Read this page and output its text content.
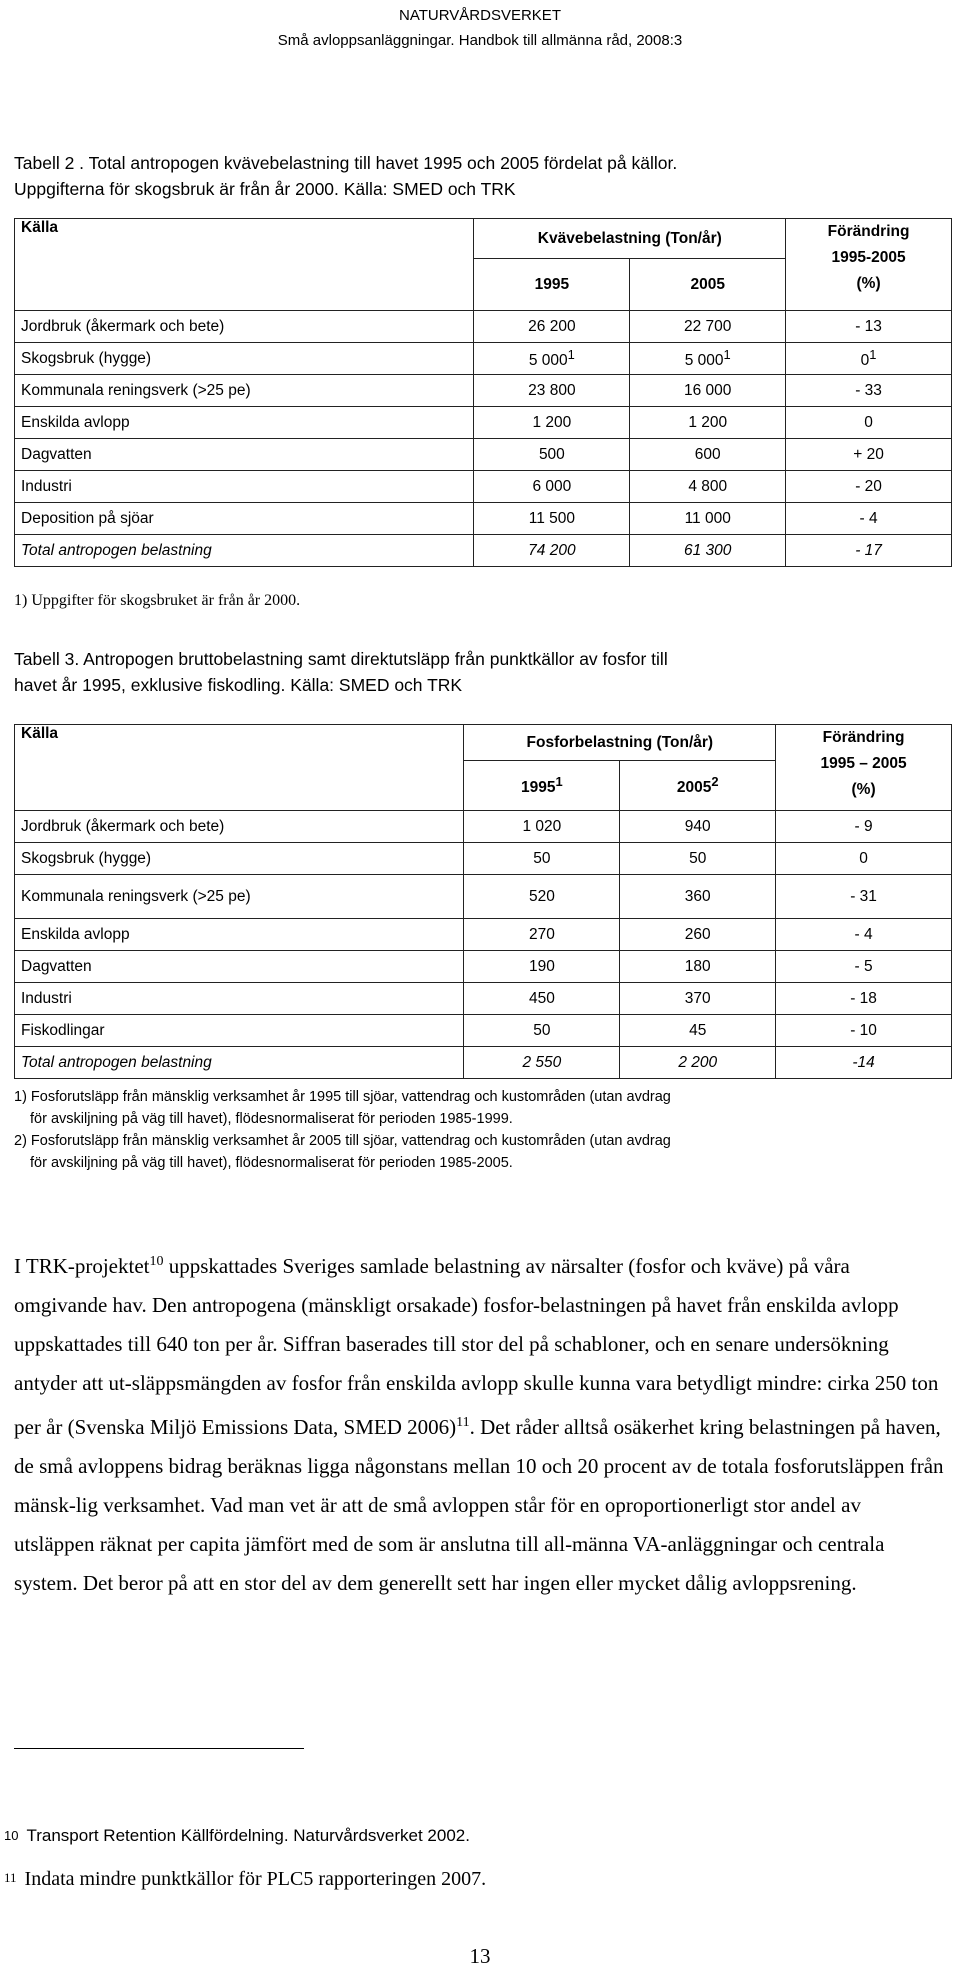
NATURVÅRDSVERKET
Små avloppsanläggningar. Handbok till allmänna råd, 2008:3
Tabell 2 . Total antropogen kvävebelastning till havet 1995 och 2005 fördelat på källor.
Uppgifterna för skogsbruk är från år 2000. Källa: SMED och TRK
Källa	Kvävebelastning (Ton/år)		Förändring
1995-2005
(%)

	1995	2005	
Jordbruk (åkermark och bete)	26 200	22 700	- 13
Skogsbruk (hygge)	5 $000^1$	5 $000^1$	$0^1$
Kommunala reningsverk (>25 pe)	23 800	16 000	- 33
Enskilda avlopp	1 200	1 200	0
Dagvatten	500	600	+ 20
Industri	6 000	4 800	- 20
Deposition på sjöar	11 500	11 000	- 4
Total antropogen belastning	74 200	61 300	- 17
1) Uppgifter för skogsbruket är från år 2000.
Tabell 3. Antropogen bruttobelastning samt direktutsläpp från punktkällor av fosfor till
havet år 1995, exklusive fiskodling. Källa: SMED och TRK
Källa	Fosforbelastning (Ton/år)		Förändring
1995 – 2005
(%)

	1995$^1$	2005$^2$
Jordbruk (åkermark och bete)	1 020	940	- 9
Skogsbruk (hygge)	50	50	0
Kommunala reningsverk (>25 pe)	520	360	- 31
Enskilda avlopp	270	260	- 4
Dagvatten	190	180	- 5
Industri	450	370	- 18
Fiskodlingar	50	45	- 10
Total antropogen belastning	2 550	2 200	-14
1) Fosforutsläpp från mänsklig verksamhet år 1995 till sjöar, vattendrag och kustområden (utan avdrag
för avskiljning på väg till havet), flödesnormaliserat för perioden 1985-1999.
2) Fosforutsläpp från mänsklig verksamhet år 2005 till sjöar, vattendrag och kustområden (utan avdrag
för avskiljning på väg till havet), flödesnormaliserat för perioden 1985-2005.
I TRK-projektet$^{10}$ uppskattades Sveriges samlade belastning av närsalter (fosfor och kväve) på våra omgivande hav. Den antropogena (mänskligt orsakade) fosfor-belastningen på havet från enskilda avlopp uppskattades till 640 ton per år. Siffran baserades till stor del på schabloner, och en senare undersökning antyder att ut-släppsmängden av fosfor från enskilda avlopp skulle kunna vara betydligt mindre: cirka 250 ton per år (Svenska Miljö Emissions Data, SMED 2006)$^{11}$. Det råder alltså osäkerhet kring belastningen på haven, de små avloppens bidrag beräknas ligga någonstans mellan 10 och 20 procent av de totala fosforutsläppen från mänsk-lig verksamhet. Vad man vet är att de små avloppen står för en oproportionerligt stor andel av utsläppen räknat per capita jämfört med de som är anslutna till all-männa VA-anläggningar och centrala system. Det beror på att en stor del av dem generellt sett har ingen eller mycket dålig avloppsrening.
$^{10}$ Transport Retention Källfördelning. Naturvårdsverket 2002.
$^{11}$ Indata mindre punktkällor för PLC5 rapporteringen 2007.
13
